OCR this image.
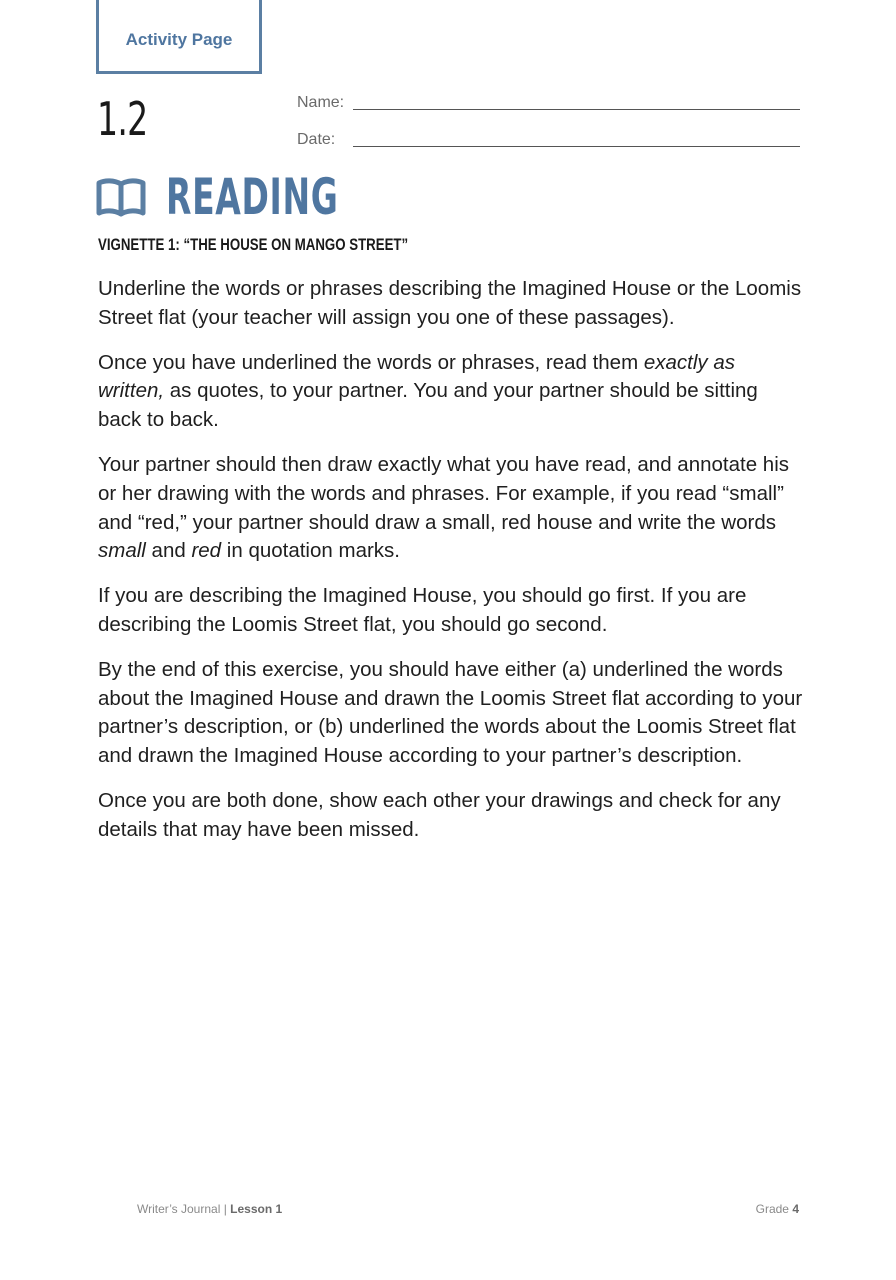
Activity Page
1.2	Name:
Date:
READING
VIGNETTE 1: “THE HOUSE ON MANGO STREET”

Underline the words or phrases describing the Imagined House or the Loomis Street flat (your teacher will assign you one of these passages).

Once you have underlined the words or phrases, read them exactly as written, as quotes, to your partner. You and your partner should be sitting back to back.

Your partner should then draw exactly what you have read, and annotate his or her drawing with the words and phrases. For example, if you read “small” and “red,” your partner should draw a small, red house and write the words small and red in quotation marks.

If you are describing the Imagined House, you should go first. If you are describing the Loomis Street flat, you should go second.

By the end of this exercise, you should have either (a) underlined the words about the Imagined House and drawn the Loomis Street flat according to your partner’s description, or (b) underlined the words about the Loomis Street flat and drawn the Imagined House according to your partner’s description.

Once you are both done, show each other your drawings and check for any details that may have been missed.

Writer’s Journal | Lesson 1	Grade 4
